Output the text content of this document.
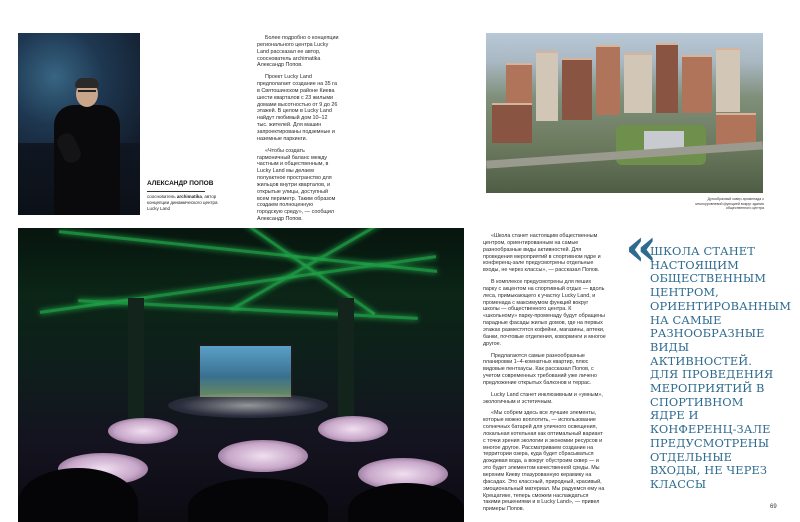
АЛЕКСАНДР ПОПОВ
сооснователь archimatika, автор концепции динамического центра Lucky Land

Более подробно о концепции регионального центра Lucky Land рассказал ее автор, сооснователь archimatika Александр Попов.

Проект Lucky Land предполагает создание на 35 га в Святошинском районе Киева шести кварталов с 23 жилыми домами высотностью от 9 до 26 этажей. В целом в Lucky Land найдут любимый дом 10–12 тыс. жителей. Для машин запроектированы подземные и наземные паркинги.

«Чтобы создать гармоничный баланс между частным и общественным, в Lucky Land мы делаем полуактное пространство для жильцов внутри кварталов, и открытые улицы, доступный всем периметр. Таким образом создаем полноценную городскую среду», — сообщил Александр Попов.

Дугообразный сквер-променада с многоуровневой функцией вокруг здания общественного центра

«Школа станет настоящим общественным центром, ориентированным на самые разнообразные виды активностей. Для проведения мероприятий в спортивном ядре и конференц-зале предусмотрены отдельные входы, не через классы», — рассказал Попов.

В комплексе предусмотрены для пеших парку с акцентом на спортивный отдых — вдоль леса, примыкающего к участку Lucky Land, и променада с максимумом функций вокруг школы — общественного центра. К «школьному» парку-променаду будут обращены парадные фасады жилых домов, где на первых этажах разместятся кофейни, магазины, аптеки, банки, почтовые отделения, коворкинги и многое другое.

Предлагаются самые разнообразные планировки 1–4-комнатных квартир, плюс видовые пентхаусы. Как рассказал Попов, с учетом современных требований уже личено предложение открытых балконов и террас.

Lucky Land станет инклюзивным и «умным», экологичным и эстетичным.

«Мы собрем здесь все лучшие элементы, которые можно воплотить, — использование солнечных батарей для уличного освещения, локальная котельная как оптимальный вариант с точки зрения экологии и экономии ресурсов и многое другое. Рассматриваем создание на территории озера, куда будет сбрасываться дождевая вода, а вокруг обустроим сквер — и это будет элементом качественной среды. Мы верхним Киеву глазурованную керамику на фасадах. Это классный, природный, красивый, эмоциональный материал. Мы радуемся ему на Крещатике, теперь сможем наслаждаться такими решениями и в Lucky Land», — привел примеры Попов.

«
ШКОЛА СТАНЕТ НАСТОЯЩИМ ОБЩЕСТВЕННЫМ ЦЕНТРОМ, ОРИЕНТИРОВАННЫМ НА САМЫЕ РАЗНООБРАЗНЫЕ ВИДЫ АКТИВНОСТЕЙ. ДЛЯ ПРОВЕДЕНИЯ МЕРОПРИЯТИЙ В СПОРТИВНОМ ЯДРЕ И КОНФЕРЕНЦ-ЗАЛЕ ПРЕДУСМОТРЕНЫ ОТДЕЛЬНЫЕ ВХОДЫ, НЕ ЧЕРЕЗ КЛАССЫ
69
